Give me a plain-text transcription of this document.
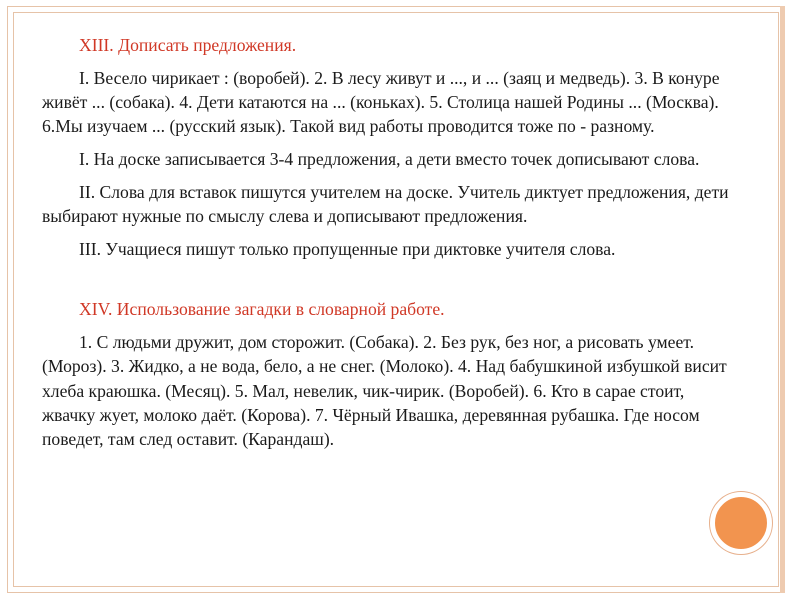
XIII. Дописать предложения.

I. Весело чирикает : (воробей). 2. В лесу живут и ..., и ... (заяц и медведь). 3. В конуре живёт ... (собака). 4. Дети катаются на ... (коньках). 5. Столица нашей Родины ... (Москва). 6.Мы изучаем ... (русский язык). Такой вид работы проводится тоже по - разному.

I. На доске записывается 3-4 предложения, а дети вместо точек дописывают слова.

II. Слова для вставок пишутся учителем на доске. Учитель диктует предложения, дети выбирают нужные по смыслу слева и дописывают предложения.

III. Учащиеся пишут только пропущенные при диктовке учителя слова.

XIV. Использование загадки в словарной работе.

1. С людьми дружит, дом сторожит. (Собака). 2. Без рук, без ног, а рисовать умеет. (Мороз). 3. Жидко, а не вода, бело, а не снег. (Молоко). 4. Над бабушкиной избушкой висит хлеба краюшка. (Месяц). 5. Мал, невелик, чик-чирик. (Воробей). 6. Кто в сарае стоит, жвачку жует, молоко даёт. (Корова). 7. Чёрный Ивашка, деревянная рубашка. Где носом поведет, там след оставит. (Карандаш).
